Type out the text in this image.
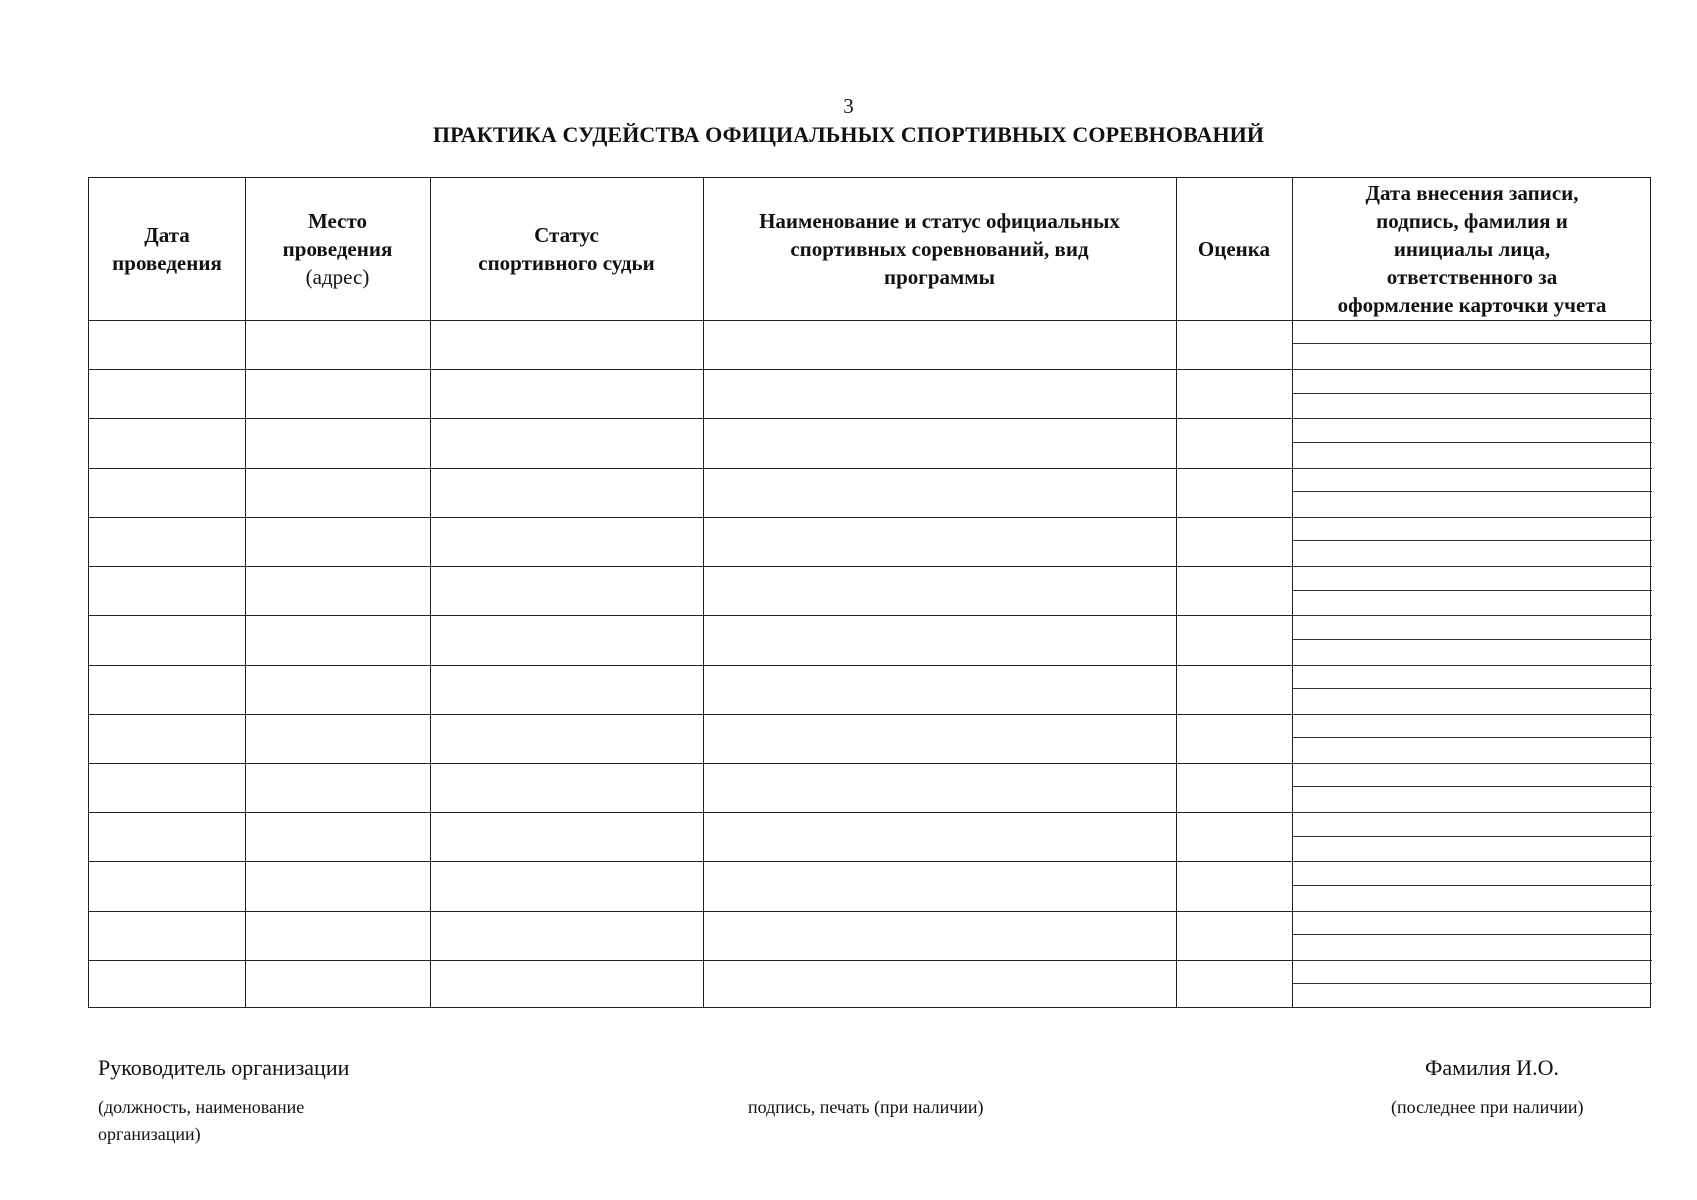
3
ПРАКТИКА СУДЕЙСТВА ОФИЦИАЛЬНЫХ СПОРТИВНЫХ СОРЕВНОВАНИЙ
Дата
проведения
Место
проведения
(адрес)
Статус
спортивного судьи
Наименование и статус официальных
спортивных соревнований, вид
программы
Оценка
Дата внесения записи,
подпись, фамилия и
инициалы лица,
ответственного за
оформление карточки учета
Руководитель организации
(должность, наименование
организации)
подпись, печать (при наличии)
Фамилия И.О.
(последнее при наличии)
